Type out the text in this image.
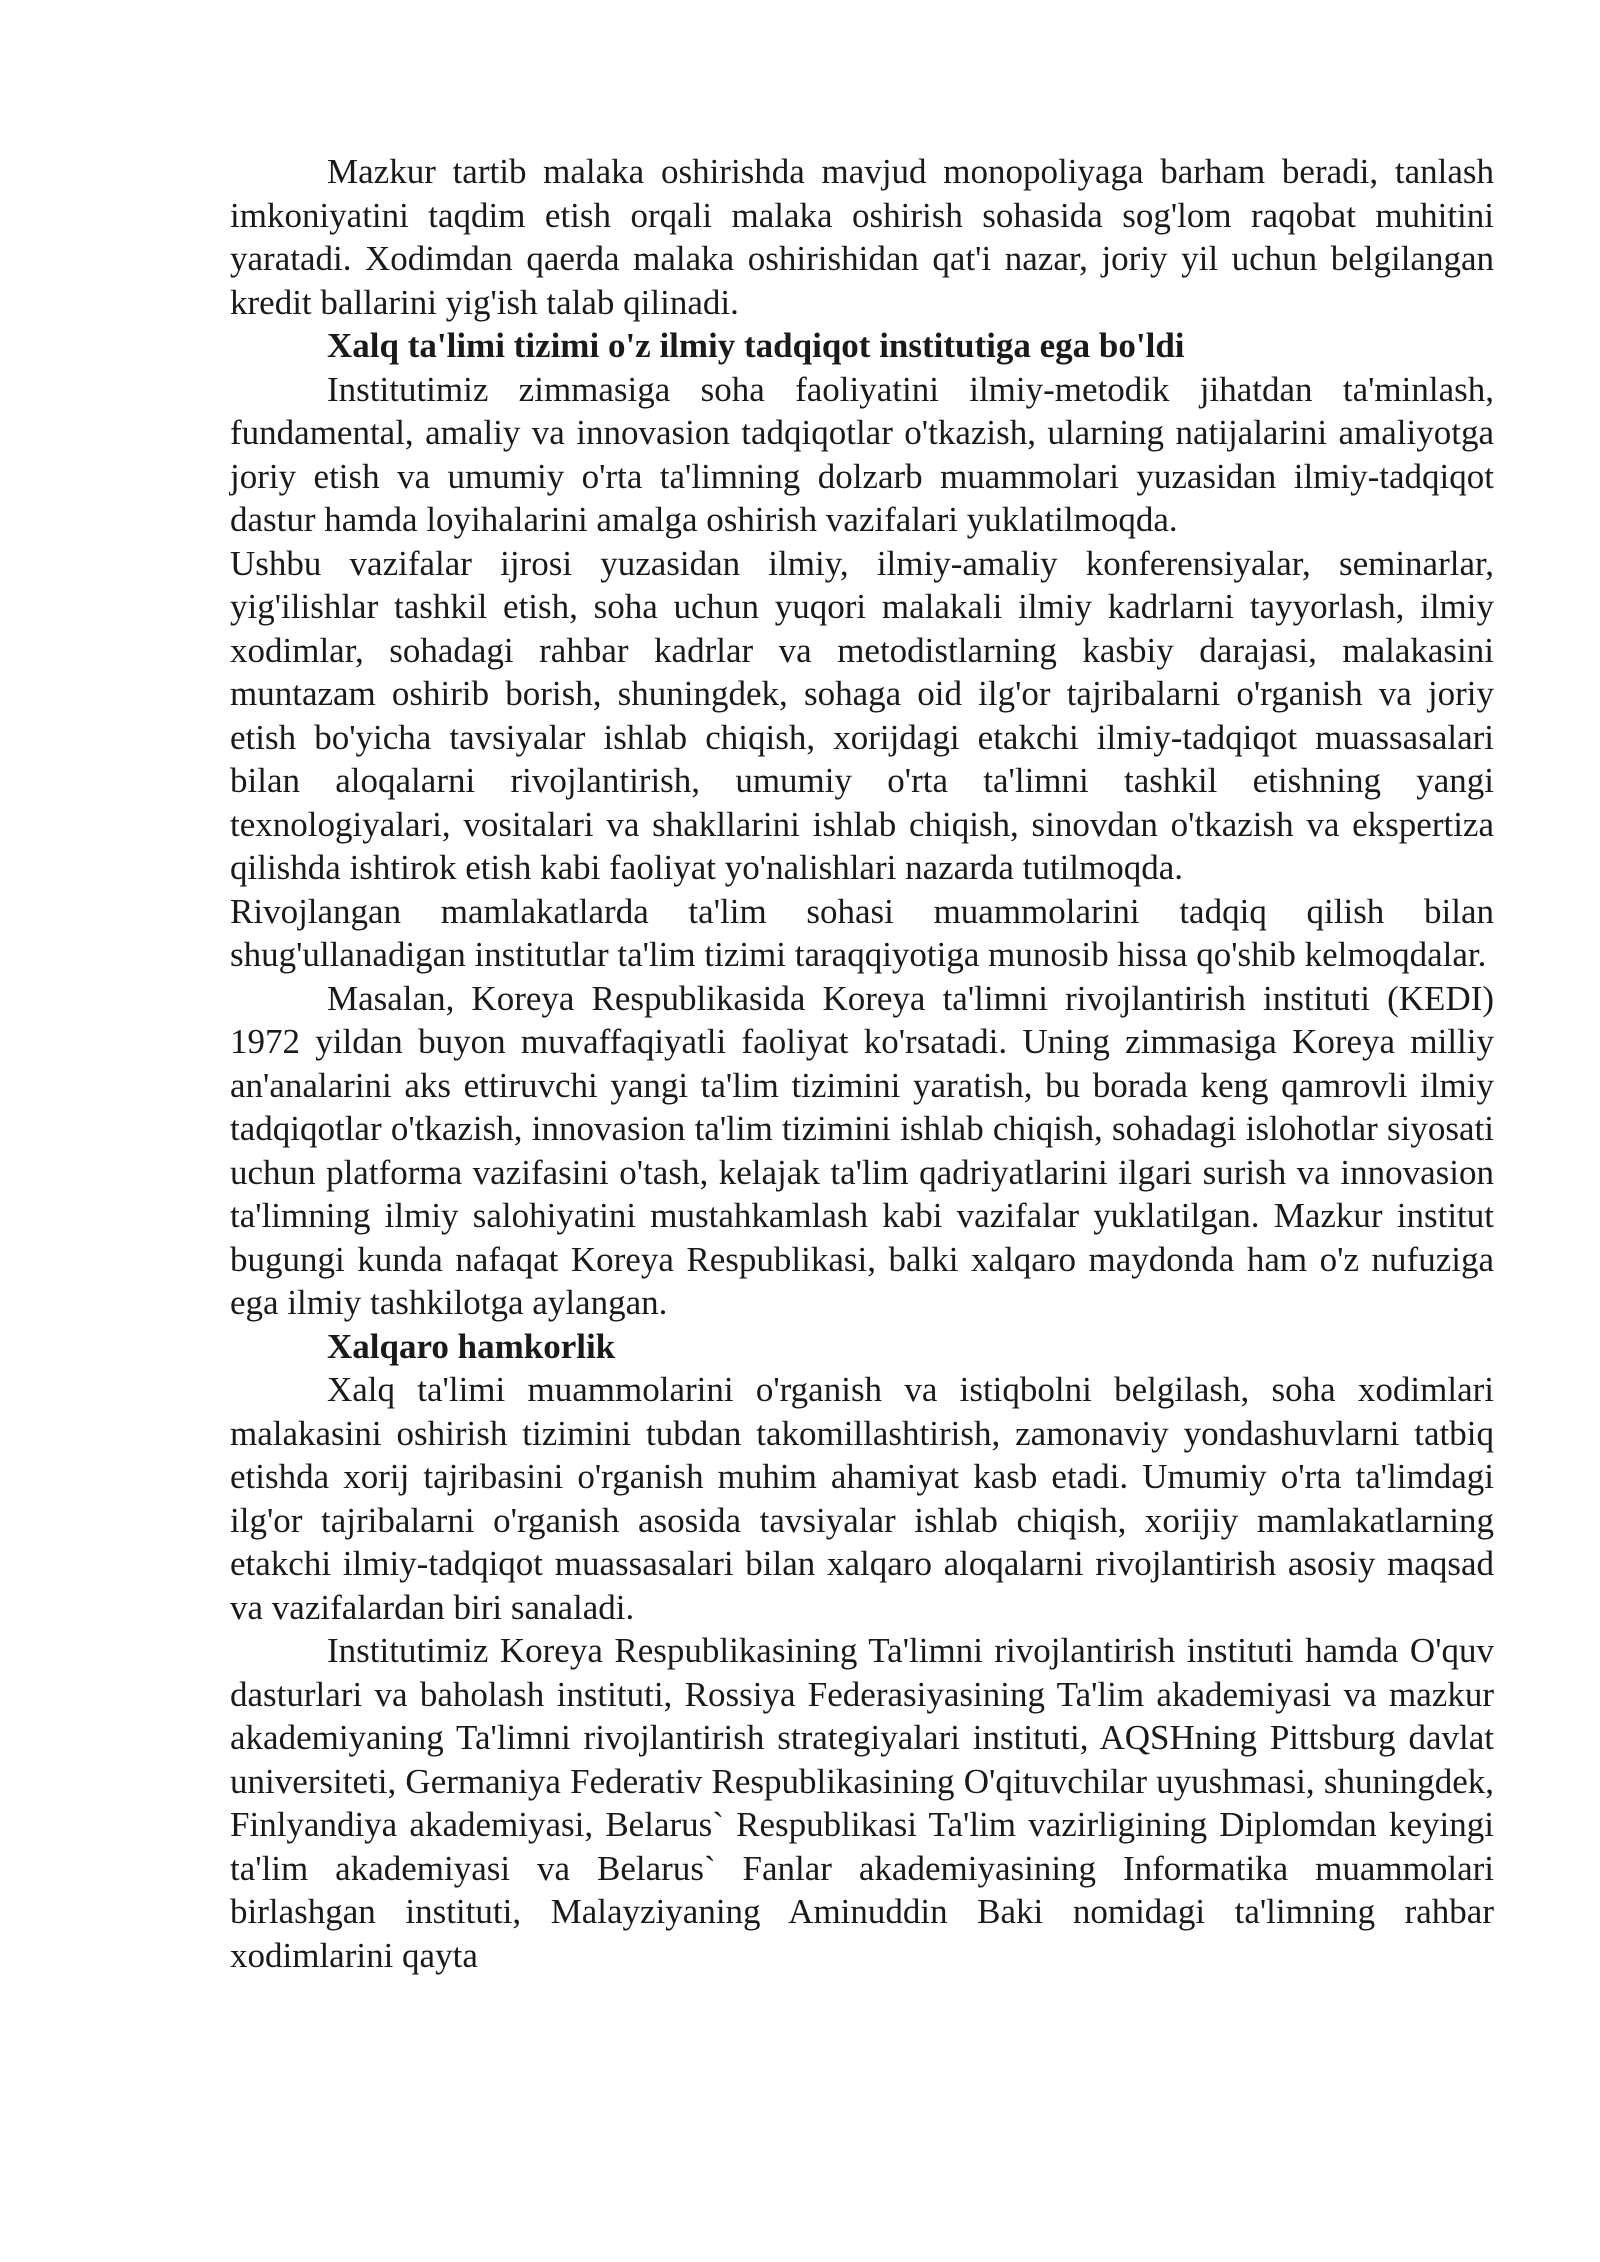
Mazkur tartib malaka oshirishda mavjud monopoliyaga barham beradi, tanlash imkoniyatini taqdim etish orqali malaka oshirish sohasida sog'lom raqobat muhitini yaratadi. Xodimdan qaerda malaka oshirishidan qat'i nazar, joriy yil uchun belgilangan kredit ballarini yig'ish talab qilinadi.

Xalq ta'limi tizimi o'z ilmiy tadqiqot institutiga ega bo'ldi

Institutimiz zimmasiga soha faoliyatini ilmiy-metodik jihatdan ta'minlash, fundamental, amaliy va innovasion tadqiqotlar o'tkazish, ularning natijalarini amaliyotga joriy etish va umumiy o'rta ta'limning dolzarb muammolari yuzasidan ilmiy-tadqiqot dastur hamda loyihalarini amalga oshirish vazifalari yuklatilmoqda.

Ushbu vazifalar ijrosi yuzasidan ilmiy, ilmiy-amaliy konferensiyalar, seminarlar, yig'ilishlar tashkil etish, soha uchun yuqori malakali ilmiy kadrlarni tayyorlash, ilmiy xodimlar, sohadagi rahbar kadrlar va metodistlarning kasbiy darajasi, malakasini muntazam oshirib borish, shuningdek, sohaga oid ilg'or tajribalarni o'rganish va joriy etish bo'yicha tavsiyalar ishlab chiqish, xorijdagi etakchi ilmiy-tadqiqot muassasalari bilan aloqalarni rivojlantirish, umumiy o'rta ta'limni tashkil etishning yangi texnologiyalari, vositalari va shakllarini ishlab chiqish, sinovdan o'tkazish va ekspertiza qilishda ishtirok etish kabi faoliyat yo'nalishlari nazarda tutilmoqda.

Rivojlangan mamlakatlarda ta'lim sohasi muammolarini tadqiq qilish bilan shug'ullanadigan institutlar ta'lim tizimi taraqqiyotiga munosib hissa qo'shib kelmoqdalar.

Masalan, Koreya Respublikasida Koreya ta'limni rivojlantirish instituti (KEDI) 1972 yildan buyon muvaffaqiyatli faoliyat ko'rsatadi. Uning zimmasiga Koreya milliy an'analarini aks ettiruvchi yangi ta'lim tizimini yaratish, bu borada keng qamrovli ilmiy tadqiqotlar o'tkazish, innovasion ta'lim tizimini ishlab chiqish, sohadagi islohotlar siyosati uchun platforma vazifasini o'tash, kelajak ta'lim qadriyatlarini ilgari surish va innovasion ta'limning ilmiy salohiyatini mustahkamlash kabi vazifalar yuklatilgan. Mazkur institut bugungi kunda nafaqat Koreya Respublikasi, balki xalqaro maydonda ham o'z nufuziga ega ilmiy tashkilotga aylangan.

Xalqaro hamkorlik

Xalq ta'limi muammolarini o'rganish va istiqbolni belgilash, soha xodimlari malakasini oshirish tizimini tubdan takomillashtirish, zamonaviy yondashuvlarni tatbiq etishda xorij tajribasini o'rganish muhim ahamiyat kasb etadi. Umumiy o'rta ta'limdagi ilg'or tajribalarni o'rganish asosida tavsiyalar ishlab chiqish, xorijiy mamlakatlarning etakchi ilmiy-tadqiqot muassasalari bilan xalqaro aloqalarni rivojlantirish asosiy maqsad va vazifalardan biri sanaladi.

Institutimiz Koreya Respublikasining Ta'limni rivojlantirish instituti hamda O'quv dasturlari va baholash instituti, Rossiya Federasiyasining Ta'lim akademiyasi va mazkur akademiyaning Ta'limni rivojlantirish strategiyalari instituti, AQSHning Pittsburg davlat universiteti, Germaniya Federativ Respublikasining O'qituvchilar uyushmasi, shuningdek, Finlyandiya akademiyasi, Belarus` Respublikasi Ta'lim vazirligining Diplomdan keyingi ta'lim akademiyasi va Belarus` Fanlar akademiyasining Informatika muammolari birlashgan instituti, Malayziyaning Aminuddin Baki nomidagi ta'limning rahbar xodimlarini qayta
